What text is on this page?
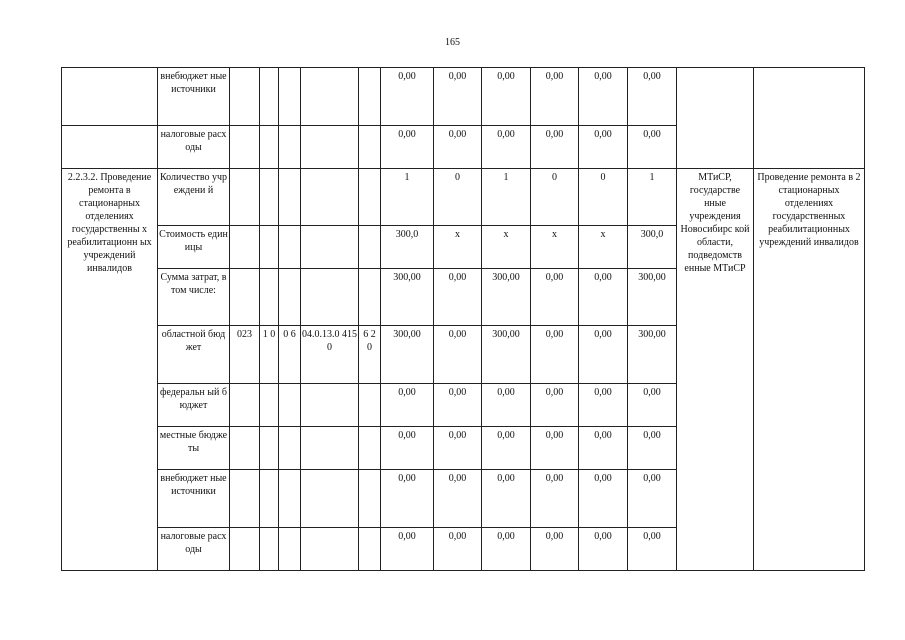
165
	внебюджет ные источники						0,00	0,00	0,00	0,00	0,00	0,00		
	налоговые расходы						0,00	0,00	0,00	0,00	0,00	0,00		
2.2.3.2. Проведение ремонта в стационарных отделениях государственны х реабилитационн ых учреждений инвалидов	Количество учреждени й						1	0	1	0	0	1	МТиСР, государстве нные учреждения Новосибирс кой области, подведомств енные МТиСР	Проведение ремонта в 2 стационарных отделениях государственных реабилитационных учреждений инвалидов
	Стоимость единицы						300,0	х	х	х	х	300,0		
	Сумма затрат, в том числе:						300,00	0,00	300,00	0,00	0,00	300,00		
	областной бюджет	023	1 0	0 6	04.0.13.0 4150	6 2 0	300,00	0,00	300,00	0,00	0,00	300,00		
	федеральн ый бюджет						0,00	0,00	0,00	0,00	0,00	0,00		
	местные бюджеты						0,00	0,00	0,00	0,00	0,00	0,00		
	внебюджет ные источники						0,00	0,00	0,00	0,00	0,00	0,00		
	налоговые расходы						0,00	0,00	0,00	0,00	0,00	0,00		
